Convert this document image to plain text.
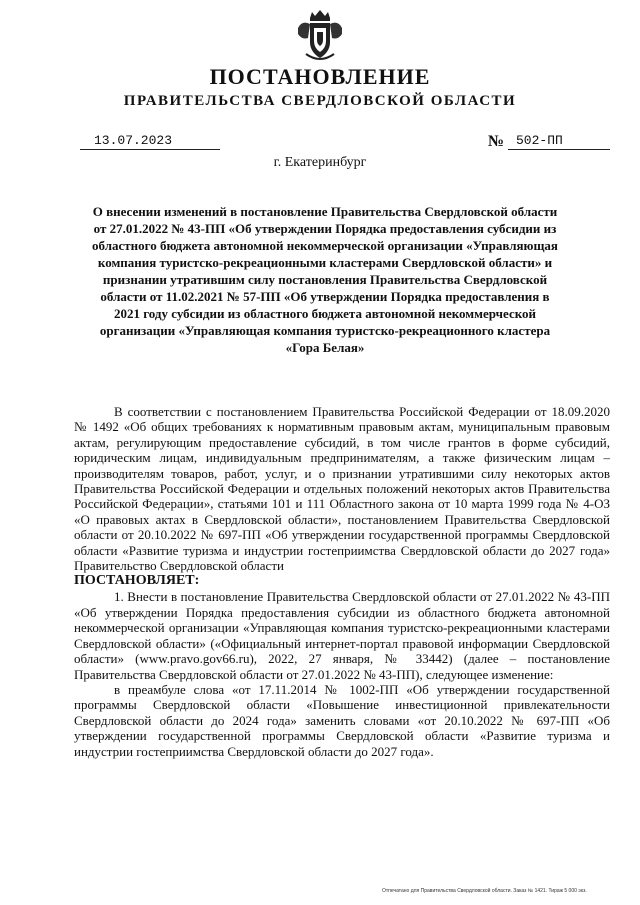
ПОСТАНОВЛЕНИЕ
ПРАВИТЕЛЬСТВА СВЕРДЛОВСКОЙ ОБЛАСТИ
13.07.2023	№ 502-ПП
г. Екатеринбург
О внесении изменений в постановление Правительства Свердловской области от 27.01.2022 № 43-ПП «Об утверждении Порядка предоставления субсидии из областного бюджета автономной некоммерческой организации «Управляющая компания туристско-рекреационными кластерами Свердловской области» и признании утратившим силу постановления Правительства Свердловской области от 11.02.2021 № 57-ПП «Об утверждении Порядка предоставления в 2021 году субсидии из областного бюджета автономной некоммерческой организации «Управляющая компания туристско-рекреационного кластера «Гора Белая»

В соответствии с постановлением Правительства Российской Федерации от 18.09.2020 № 1492 «Об общих требованиях к нормативным правовым актам, муниципальным правовым актам, регулирующим предоставление субсидий, в том числе грантов в форме субсидий, юридическим лицам, индивидуальным предпринимателям, а также физическим лицам – производителям товаров, работ, услуг, и о признании утратившими силу некоторых актов Правительства Российской Федерации и отдельных положений некоторых актов Правительства Российской Федерации», статьями 101 и 111 Областного закона от 10 марта 1999 года № 4-ОЗ «О правовых актах в Свердловской области», постановлением Правительства Свердловской области от 20.10.2022 № 697-ПП «Об утверждении государственной программы Свердловской области «Развитие туризма и индустрии гостеприимства Свердловской области до 2027 года» Правительство Свердловской области

ПОСТАНОВЛЯЕТ:

1. Внести в постановление Правительства Свердловской области от 27.01.2022 № 43-ПП «Об утверждении Порядка предоставления субсидии из областного бюджета автономной некоммерческой организации «Управляющая компания туристско-рекреационными кластерами Свердловской области» («Официальный интернет-портал правовой информации Свердловской области» (www.pravo.gov66.ru), 2022, 27 января, № 33442) (далее – постановление Правительства Свердловской области от 27.01.2022 № 43-ПП), следующее изменение:

в преамбуле слова «от 17.11.2014 № 1002-ПП «Об утверждении государственной программы Свердловской области «Повышение инвестиционной привлекательности Свердловской области до 2024 года» заменить словами «от 20.10.2022 № 697-ПП «Об утверждении государственной программы Свердловской области «Развитие туризма и индустрии гостеприимства Свердловской области до 2027 года».

Отпечатано для Правительства Свердловской области. Заказ № 1421. Тираж 5 000 экз.
